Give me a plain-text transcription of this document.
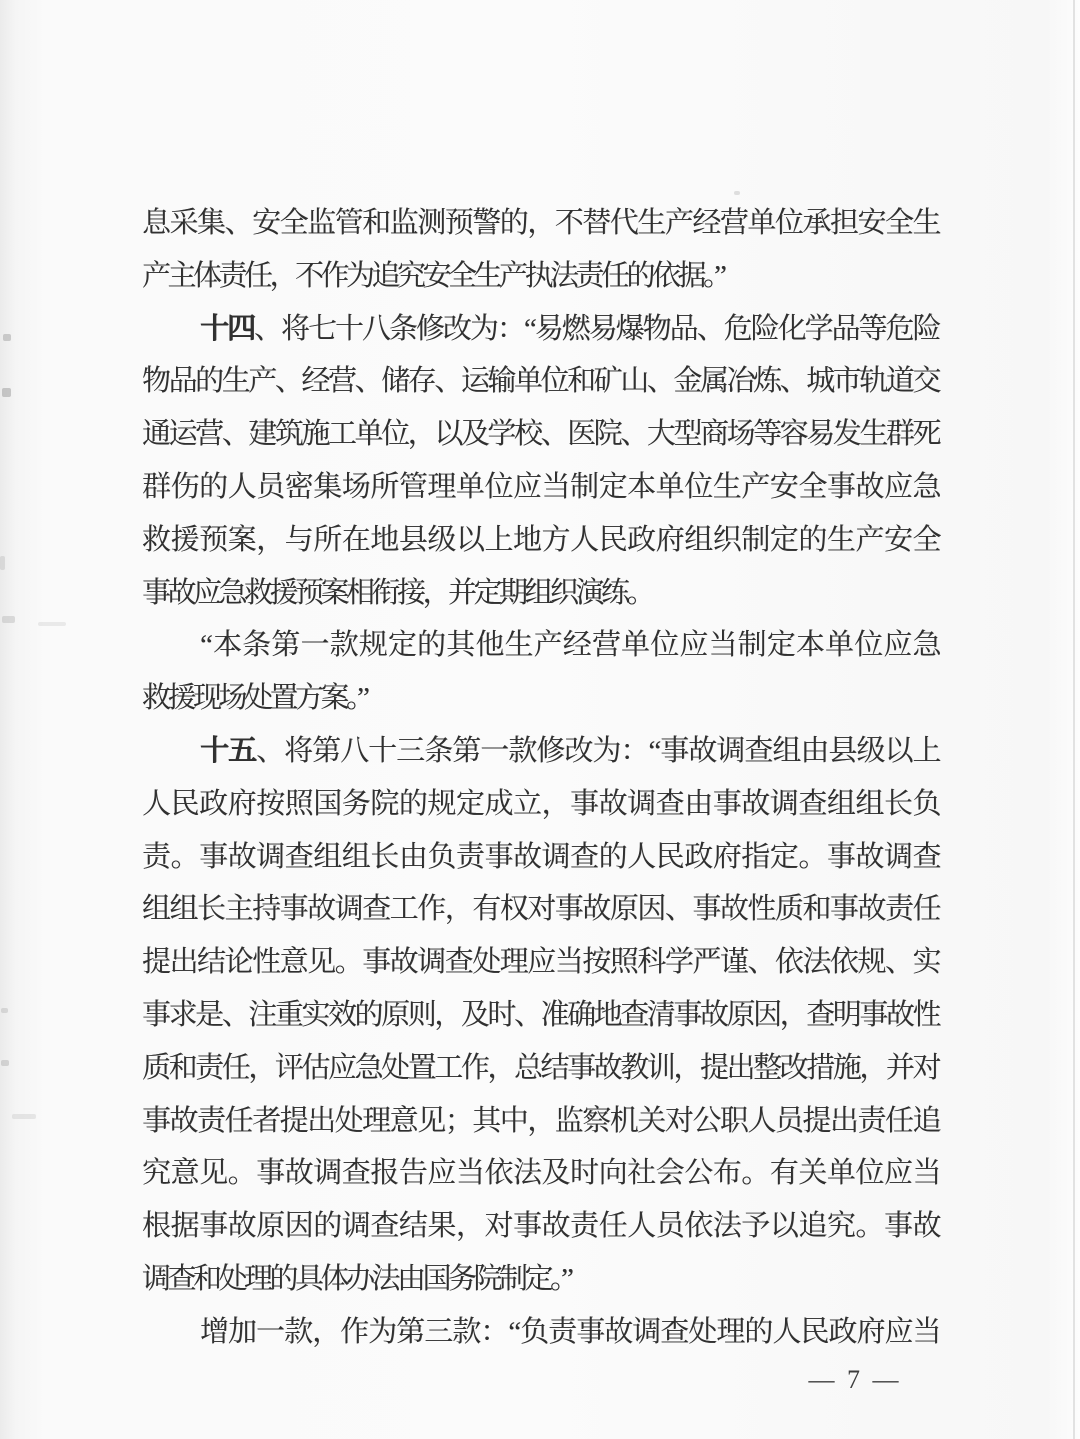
息采集、安全监管和监测预警的，不替代生产经营单位承担安全生
产主体责任，不作为追究安全生产执法责任的依据。”
十四、将七十八条修改为：“易燃易爆物品、危险化学品等危险
物品的生产、经营、储存、运输单位和矿山、金属冶炼、城市轨道交
通运营、建筑施工单位，以及学校、医院、大型商场等容易发生群死
群伤的人员密集场所管理单位应当制定本单位生产安全事故应急
救援预案，与所在地县级以上地方人民政府组织制定的生产安全
事故应急救援预案相衔接，并定期组织演练。
“本条第一款规定的其他生产经营单位应当制定本单位应急
救援现场处置方案。”
十五、将第八十三条第一款修改为：“事故调查组由县级以上
人民政府按照国务院的规定成立，事故调查由事故调查组组长负
责。事故调查组组长由负责事故调查的人民政府指定。事故调查
组组长主持事故调查工作，有权对事故原因、事故性质和事故责任
提出结论性意见。事故调查处理应当按照科学严谨、依法依规、实
事求是、注重实效的原则，及时、准确地查清事故原因，查明事故性
质和责任，评估应急处置工作，总结事故教训，提出整改措施，并对
事故责任者提出处理意见；其中，监察机关对公职人员提出责任追
究意见。事故调查报告应当依法及时向社会公布。有关单位应当
根据事故原因的调查结果，对事故责任人员依法予以追究。事故
调查和处理的具体办法由国务院制定。”
增加一款，作为第三款：“负责事故调查处理的人民政府应当
— 7 —
